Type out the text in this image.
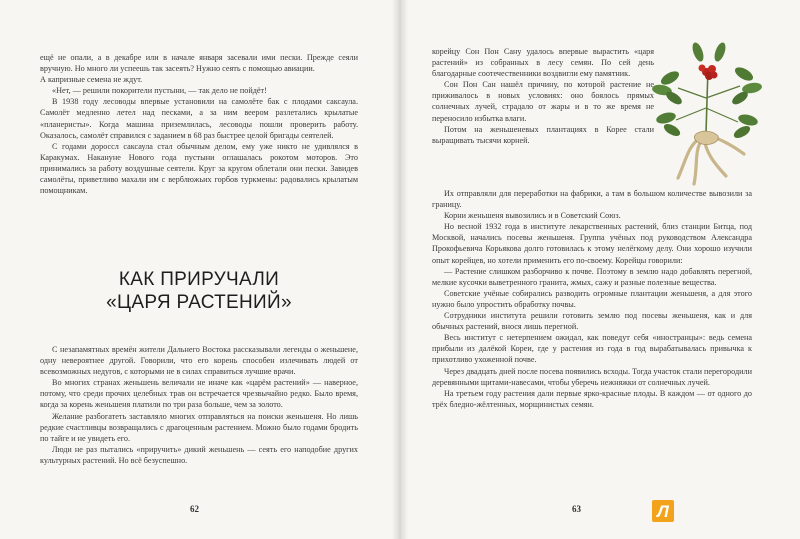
ещё не опали, а в декабре или в начале января засевали ими пески. Прежде сеяли вручную. Но много ли успеешь так засеять? Нужно сеять с помощью авиации.

А капризные семена не ждут.

«Нет, — решили покорители пустыни, — так дело не пойдёт!

В 1938 году лесоводы впервые установили на самолёте бак с плодами саксаула. Самолёт медленно летел над песками, а за ним веером разлетались крылатые «планеристы». Когда машина приземлилась, лесоводы пошли проверить работу. Оказалось, самолёт справился с заданием в 68 раз быстрее целой бригады сеятелей.

С годами дороссл саксаула стал обычным делом, ему уже никто не удивлялся в Каракумах. Накануне Нового года пустыни оглашалась рокотом моторов. Это принимались за работу воздушные сеятели. Круг за кругом облетали они пески. Завидев самолёты, приветливо махали им с верблюжьих горбов туркмены: радовались крылатым помощникам.

КАК ПРИРУЧАЛИ
«ЦАРЯ РАСТЕНИЙ»

С незапамятных времён жители Дальнего Востока рассказывали легенды о женьшене, одну невероятнее другой. Говорили, что его корень способен излечивать людей от всевозможных недугов, с которыми не в силах справиться лучшие врачи.

Во многих странах женьшень величали не иначе как «царём растений» — наверное, потому, что среди прочих целебных трав он встречается чрезвычайно редко. Было время, когда за корень женьшеня платили по три раза больше, чем за золото.

Желание разбогатеть заставляло многих отправляться на поиски женьшеня. Но лишь редкие счастливцы возвращались с драгоценным растением. Можно было годами бродить по тайге и не увидеть его.

Люди не раз пытались «приручить» дикий женьшень — сеять его наподобие других культурных растений. Но всё безуспешно.

62

корейцу Сон Пон Сану удалось впервые вырастить «царя растений» из собранных в лесу семян. По сей день благодарные соотечественники воздвигли ему памятник.

Сон Пон Сан нашёл причину, по которой растение не приживалось в новых условиях: оно боялось прямых солнечных лучей, страдало от жары и в то же время не переносило избытка влаги.

Потом на женьшеневых плантациях в Корее стали выращивать тысячи корней.

Их отправляли для переработки на фабрики, а там в большом количестве вывозили за границу.

Корни женьшеня вывозились и в Советский Союз.

Но весной 1932 года в институте лекарственных растений, близ станции Битца, под Москвой, начались посевы женьшеня. Группа учёных под руководством Александра Прокофьевича Корьякова долго готовилась к этому нелёгкому делу. Они хорошо изучили опыт корейцев, но хотели применить его по-своему. Корейцы говорили:

— Растение слишком разборчиво к почве. Поэтому в землю надо добавлять перегной, мелкие кусочки выветренного гранита, жмых, сажу и разные полезные вещества.

Советские учёные собирались разводить огромные плантации женьшеня, а для этого нужно было упростить обработку почвы.

Сотрудники института решили готовить землю под посевы женьшеня, как и для обычных растений, внося лишь перегной.

Весь институт с нетерпением ожидал, как поведут себя «иностранцы»: ведь семена прибыли из далёкой Кореи, где у растения из года в год вырабатывалась привычка к прихотливо ухоженной почве.

Через двадцать дней после посева появились всходы. Тогда участок стали перегородили деревянными щитами-навесами, чтобы уберечь нежняжки от солнечных лучей.

На третьем году растения дали первые ярко-красные плоды. В каждом — от одного до трёх бледно-жёлтенных, морщинистых семян.

63	Л
